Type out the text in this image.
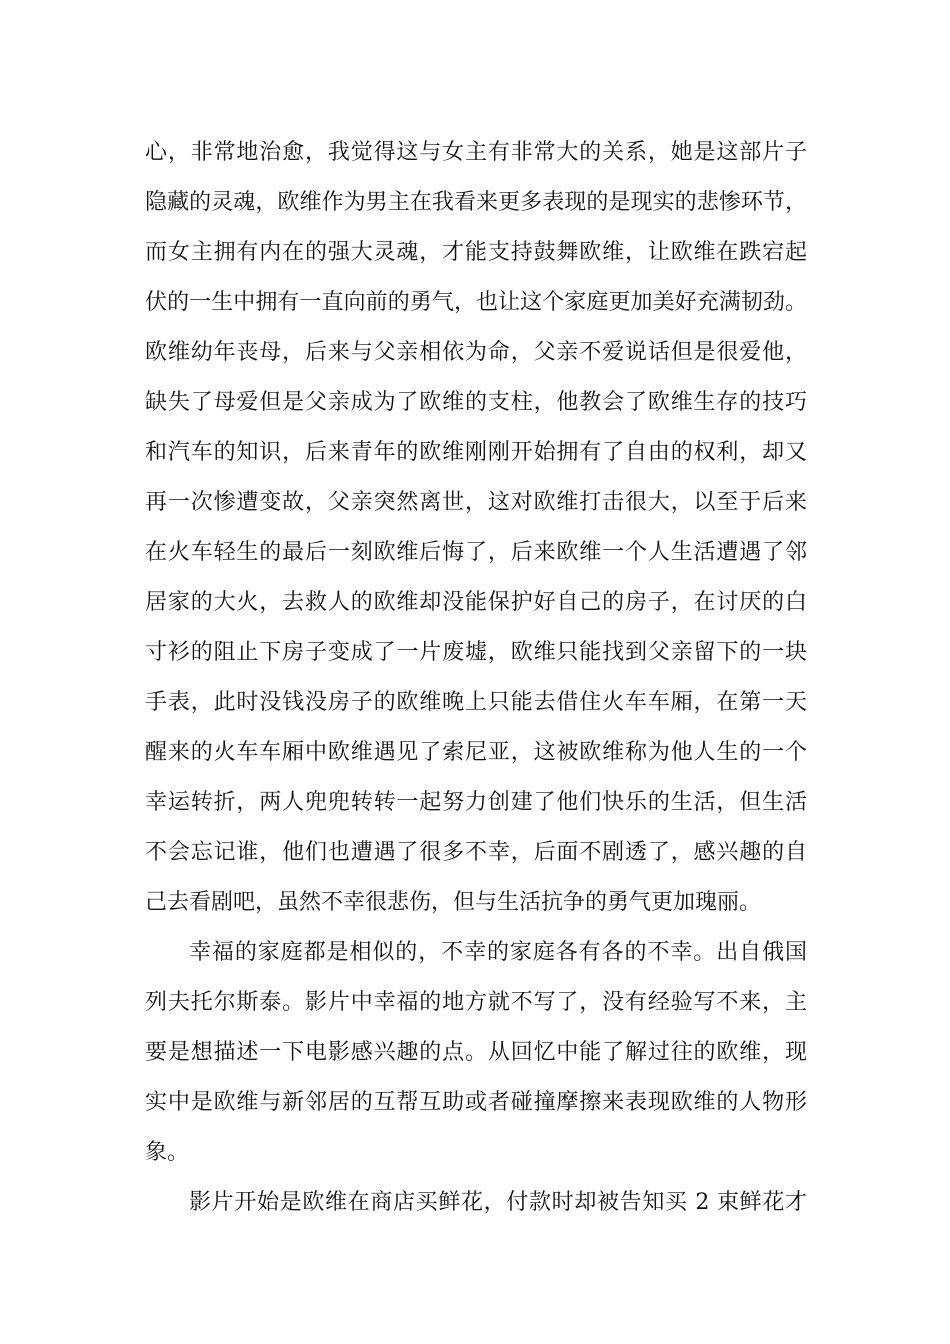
心，非常地治愈，我觉得这与女主有非常大的关系，她是这部片子
隐藏的灵魂，欧维作为男主在我看来更多表现的是现实的悲惨环节，
而女主拥有内在的强大灵魂，才能支持鼓舞欧维，让欧维在跌宕起
伏的一生中拥有一直向前的勇气，也让这个家庭更加美好充满韧劲。
欧维幼年丧母，后来与父亲相依为命，父亲不爱说话但是很爱他，
缺失了母爱但是父亲成为了欧维的支柱，他教会了欧维生存的技巧
和汽车的知识，后来青年的欧维刚刚开始拥有了自由的权利，却又
再一次惨遭变故，父亲突然离世，这对欧维打击很大，以至于后来
在火车轻生的最后一刻欧维后悔了，后来欧维一个人生活遭遇了邻
居家的大火，去救人的欧维却没能保护好自己的房子，在讨厌的白
寸衫的阻止下房子变成了一片废墟，欧维只能找到父亲留下的一块
手表，此时没钱没房子的欧维晚上只能去借住火车车厢，在第一天
醒来的火车车厢中欧维遇见了索尼亚，这被欧维称为他人生的一个
幸运转折，两人兜兜转转一起努力创建了他们快乐的生活，但生活
不会忘记谁，他们也遭遇了很多不幸，后面不剧透了，感兴趣的自
己去看剧吧，虽然不幸很悲伤，但与生活抗争的勇气更加瑰丽。
幸福的家庭都是相似的，不幸的家庭各有各的不幸。出自俄国
列夫托尔斯泰。影片中幸福的地方就不写了，没有经验写不来，主
要是想描述一下电影感兴趣的点。从回忆中能了解过往的欧维，现
实中是欧维与新邻居的互帮互助或者碰撞摩擦来表现欧维的人物形
象。
影片开始是欧维在商店买鲜花，付款时却被告知买 2 束鲜花才
